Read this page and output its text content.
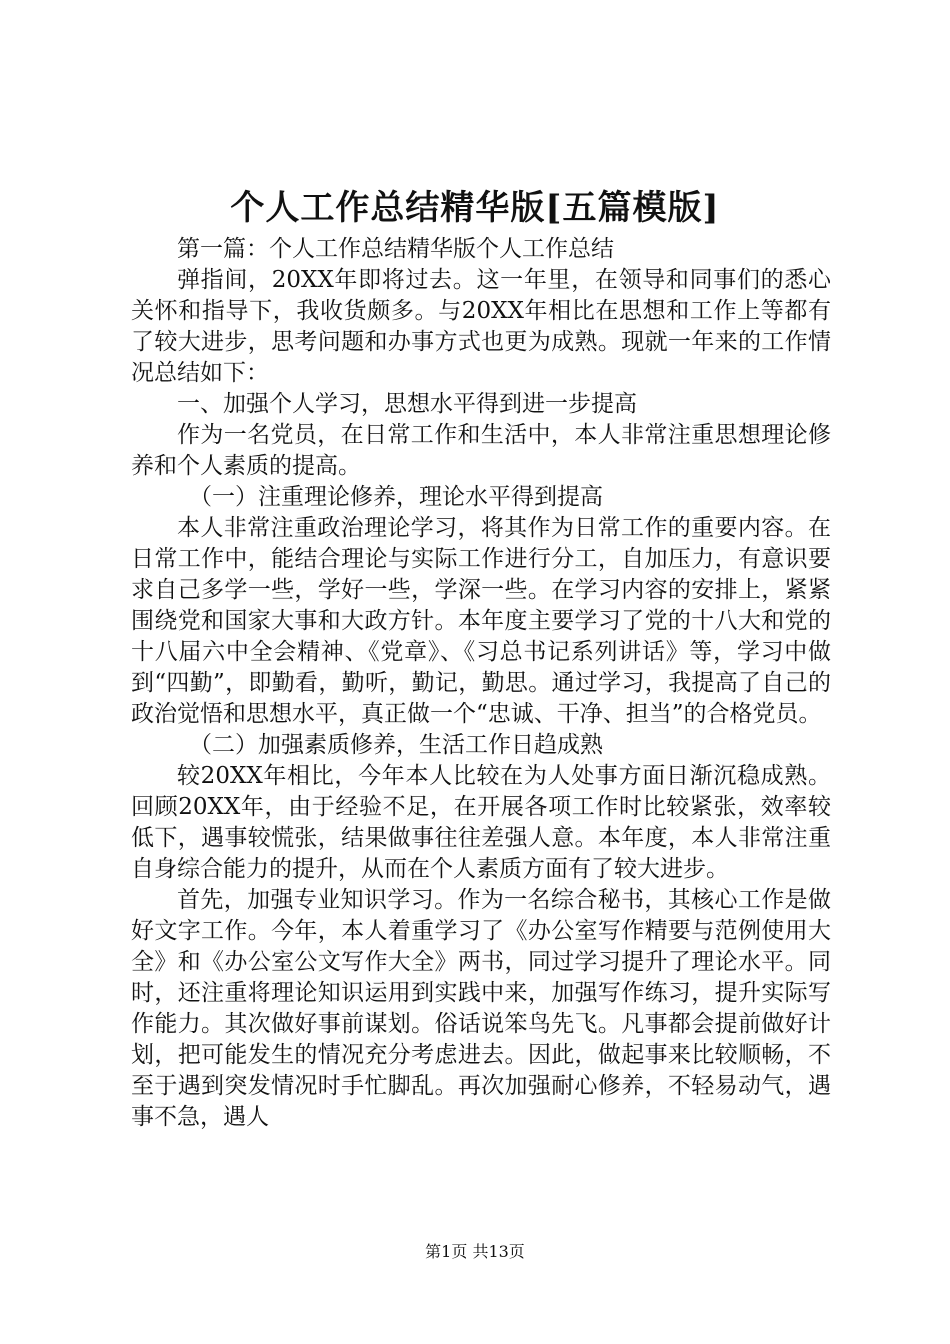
个人工作总结精华版[五篇模版]

第一篇：个人工作总结精华版个人工作总结

弹指间，20XX年即将过去。这一年里，在领导和同事们的悉心关怀和指导下，我收货颇多。与20XX年相比在思想和工作上等都有了较大进步，思考问题和办事方式也更为成熟。现就一年来的工作情况总结如下：

一、加强个人学习，思想水平得到进一步提高

作为一名党员，在日常工作和生活中，本人非常注重思想理论修养和个人素质的提高。

（一）注重理论修养，理论水平得到提高

本人非常注重政治理论学习，将其作为日常工作的重要内容。在日常工作中，能结合理论与实际工作进行分工，自加压力，有意识要求自己多学一些，学好一些，学深一些。在学习内容的安排上，紧紧围绕党和国家大事和大政方针。本年度主要学习了党的十八大和党的十八届六中全会精神、《党章》、《习总书记系列讲话》等，学习中做到“四勤”，即勤看，勤听，勤记，勤思。通过学习，我提高了自己的政治觉悟和思想水平，真正做一个“忠诚、干净、担当”的合格党员。

（二）加强素质修养，生活工作日趋成熟

较20XX年相比，今年本人比较在为人处事方面日渐沉稳成熟。回顾20XX年，由于经验不足，在开展各项工作时比较紧张，效率较低下，遇事较慌张，结果做事往往差强人意。本年度，本人非常注重自身综合能力的提升，从而在个人素质方面有了较大进步。

首先，加强专业知识学习。作为一名综合秘书，其核心工作是做好文字工作。今年，本人着重学习了《办公室写作精要与范例使用大全》和《办公室公文写作大全》两书，同过学习提升了理论水平。同时，还注重将理论知识运用到实践中来，加强写作练习，提升实际写作能力。其次做好事前谋划。俗话说笨鸟先飞。凡事都会提前做好计划，把可能发生的情况充分考虑进去。因此，做起事来比较顺畅，不至于遇到突发情况时手忙脚乱。再次加强耐心修养，不轻易动气，遇事不急，遇人

第1页 共13页
